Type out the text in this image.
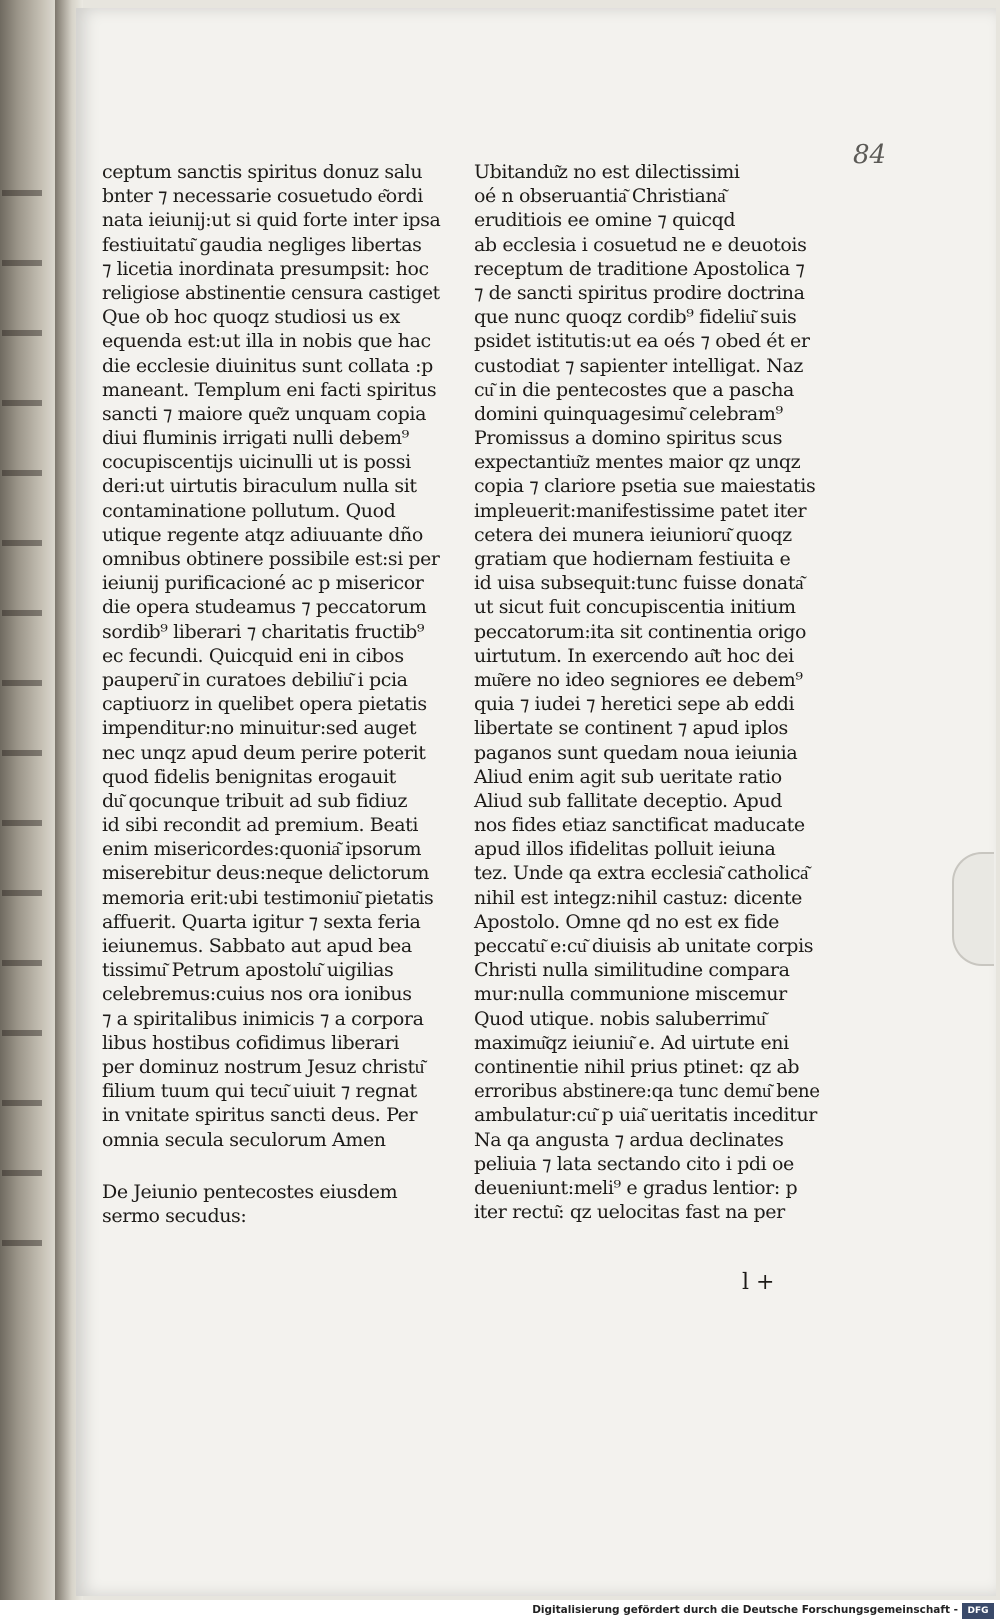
84
ceptum sanctis spiritus donuz salu
bnter ⁊ necessarie cosuetudo e͂ordi
nata ieiunij:ut si quid forte inter ipsa
festiuitatu͂ gaudia negliges libertas
⁊ licetia inordinata presumpsit: hoc
religiose abstinentie censura castiget
Que ob hoc quoqz studiosi us ex
equenda est:ut illa in nobis que hac
die ecclesie diuinitus sunt collata :p
maneant. Templum eni facti spiritus
sancti ⁊ maiore que͂z unquam copia
diui fluminis irrigati nulli debem⁹
cocupiscentijs uicinulli ut is possi
deri:ut uirtutis biraculum nulla sit
contaminatione pollutum. Quod
utique regente atqz adiuuante dño
omnibus obtinere possibile est:si per
ieiunij purificacioné ac p misericor
die opera studeamus ⁊ peccatorum
sordib⁹ liberari ⁊ charitatis fructib⁹
ec fecundi. Quicquid eni in cibos
pauperu͂ in curatoes debiliu͂ i pcia
captiuorz in quelibet opera pietatis
impenditur:no minuitur:sed auget
nec unqz apud deum perire poterit
quod fidelis benignitas erogauit
du͂ qocunque tribuit ad sub fidiuz
id sibi recondit ad premium. Beati
enim misericordes:quonia͂ ipsorum
miserebitur deus:neque delictorum
memoria erit:ubi testimoniu͂ pietatis
affuerit. Quarta igitur ⁊ sexta feria
ieiunemus. Sabbato aut apud bea
tissimu͂ Petrum apostolu͂ uigilias
celebremus:cuius nos ora ionibus
⁊ a spiritalibus inimicis ⁊ a corpora
libus hostibus cofidimus liberari
per dominuz nostrum Jesuz christu͂
filium tuum qui tecu͂ uiuit ⁊ regnat
in vnitate spiritus sancti deus. Per
omnia secula seculorum Amen
De Jeiunio pentecostes eiusdem
sermo secudus:
Ubitandu͂z no est dilectissimi
oé n obseruantia͂ Christiana͂
eruditiois ee omine ⁊ quicqd
ab ecclesia i cosuetud ne e deuotois
receptum de traditione Apostolica ⁊
⁊ de sancti spiritus prodire doctrina
que nunc quoqz cordib⁹ fideliu͂ suis
psidet istitutis:ut ea oés ⁊ obed ét er
custodiat ⁊ sapienter intelligat. Naz
cu͂ in die pentecostes que a pascha
domini quinquagesimu͂ celebram⁹
Promissus a domino spiritus scus
expectantiu͂z mentes maior qz unqz
copia ⁊ clariore psetia sue maiestatis
impleuerit:manifestissime patet iter
cetera dei munera ieiunioru͂ quoqz
gratiam que hodiernam festiuita e
id uisa subsequit:tunc fuisse donata͂
ut sicut fuit concupiscentia initium
peccatorum:ita sit continentia origo
uirtutum. In exercendo au͂t hoc dei
mu͂ere no ideo segniores ee debem⁹
quia ⁊ iudei ⁊ heretici sepe ab eddi
libertate se continent ⁊ apud iplos
paganos sunt quedam noua ieiunia
Aliud enim agit sub ueritate ratio
Aliud sub fallitate deceptio. Apud
nos fides etiaz sanctificat maducate
apud illos ifidelitas polluit ieiuna
tez. Unde qa extra ecclesia͂ catholica͂
nihil est integz:nihil castuz: dicente
Apostolo. Omne qd no est ex fide
peccatu͂ e:cu͂ diuisis ab unitate corpis
Christi nulla similitudine compara
mur:nulla communione miscemur
Quod utique. nobis saluberrimu͂
maximu͂qz ieiuniu͂ e. Ad uirtute eni
continentie nihil prius ptinet: qz ab
erroribus abstinere:qa tunc demu͂ bene
ambulatur:cu͂ p uia͂ ueritatis inceditur
Na qa angusta ⁊ ardua declinates
peliuia ⁊ lata sectando cito i pdi oe
deueniunt:meli⁹ e gradus lentior: p
iter rectu͂: qz uelocitas fast na per
l +
Digitalisierung gefördert durch die Deutsche Forschungsgemeinschaft -	DFG
